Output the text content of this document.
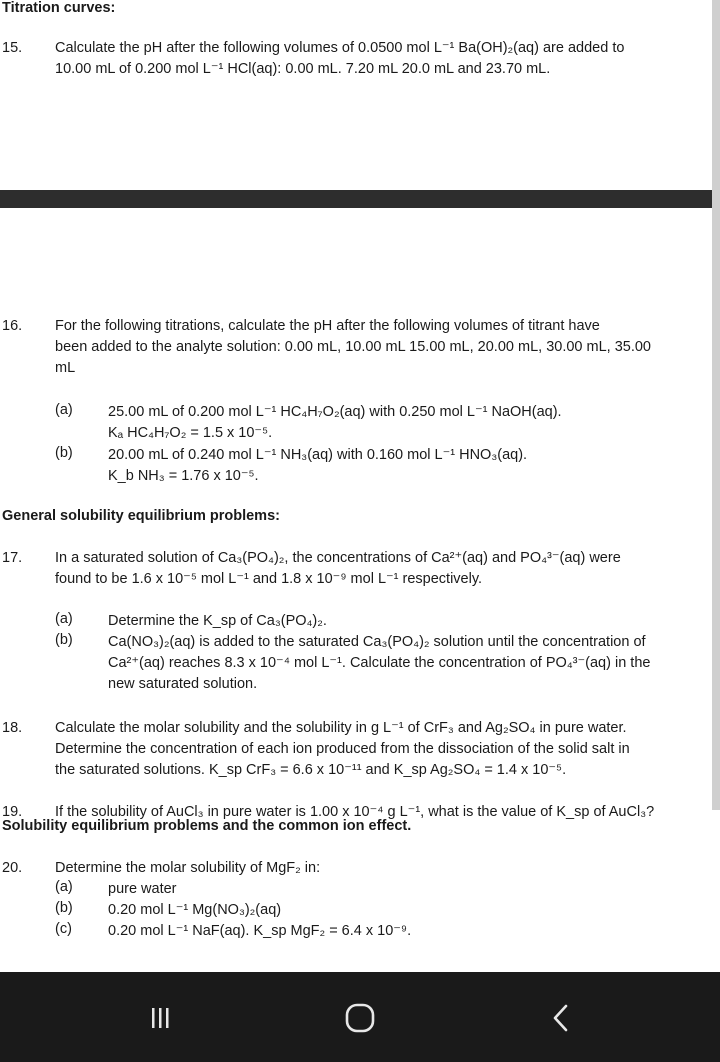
Titration curves:
15. Calculate the pH after the following volumes of 0.0500 mol L⁻¹ Ba(OH)₂(aq) are added to
10.00 mL of 0.200 mol L⁻¹ HCl(aq): 0.00 mL. 7.20 mL 20.0 mL and 23.70 mL.
16. For the following titrations, calculate the pH after the following volumes of titrant have
been added to the analyte solution: 0.00 mL, 10.00 mL 15.00 mL, 20.00 mL, 30.00 mL, 35.00
mL
(a)	25.00 mL of 0.200 mol L⁻¹ HC₄H₇O₂(aq) with 0.250 mol L⁻¹ NaOH(aq).
Kₐ HC₄H₇O₂ = 1.5 x 10⁻⁵.
(b)	20.00 mL of 0.240 mol L⁻¹ NH₃(aq) with 0.160 mol L⁻¹ HNO₃(aq).
K_b NH₃ = 1.76 x 10⁻⁵.
General solubility equilibrium problems:
17. In a saturated solution of Ca₃(PO₄)₂, the concentrations of Ca²⁺(aq) and PO₄³⁻(aq) were
found to be 1.6 x 10⁻⁵ mol L⁻¹ and 1.8 x 10⁻⁹ mol L⁻¹ respectively.
(a)	Determine the K_sp of Ca₃(PO₄)₂.
(b)	Ca(NO₃)₂(aq) is added to the saturated Ca₃(PO₄)₂ solution until the concentration of
Ca²⁺(aq) reaches 8.3 x 10⁻⁴ mol L⁻¹. Calculate the concentration of PO₄³⁻(aq) in the
new saturated solution.
18. Calculate the molar solubility and the solubility in g L⁻¹ of CrF₃ and Ag₂SO₄ in pure water.
Determine the concentration of each ion produced from the dissociation of the solid salt in
the saturated solutions. K_sp CrF₃ = 6.6 x 10⁻¹¹ and K_sp Ag₂SO₄ = 1.4 x 10⁻⁵.
19. If the solubility of AuCl₃ in pure water is 1.00 x 10⁻⁴ g L⁻¹, what is the value of K_sp of AuCl₃?
Solubility equilibrium problems and the common ion effect.
20. Determine the molar solubility of MgF₂ in:
(a)	pure water
(b)	0.20 mol L⁻¹ Mg(NO₃)₂(aq)
(c)	0.20 mol L⁻¹ NaF(aq). K_sp MgF₂ = 6.4 x 10⁻⁹.
